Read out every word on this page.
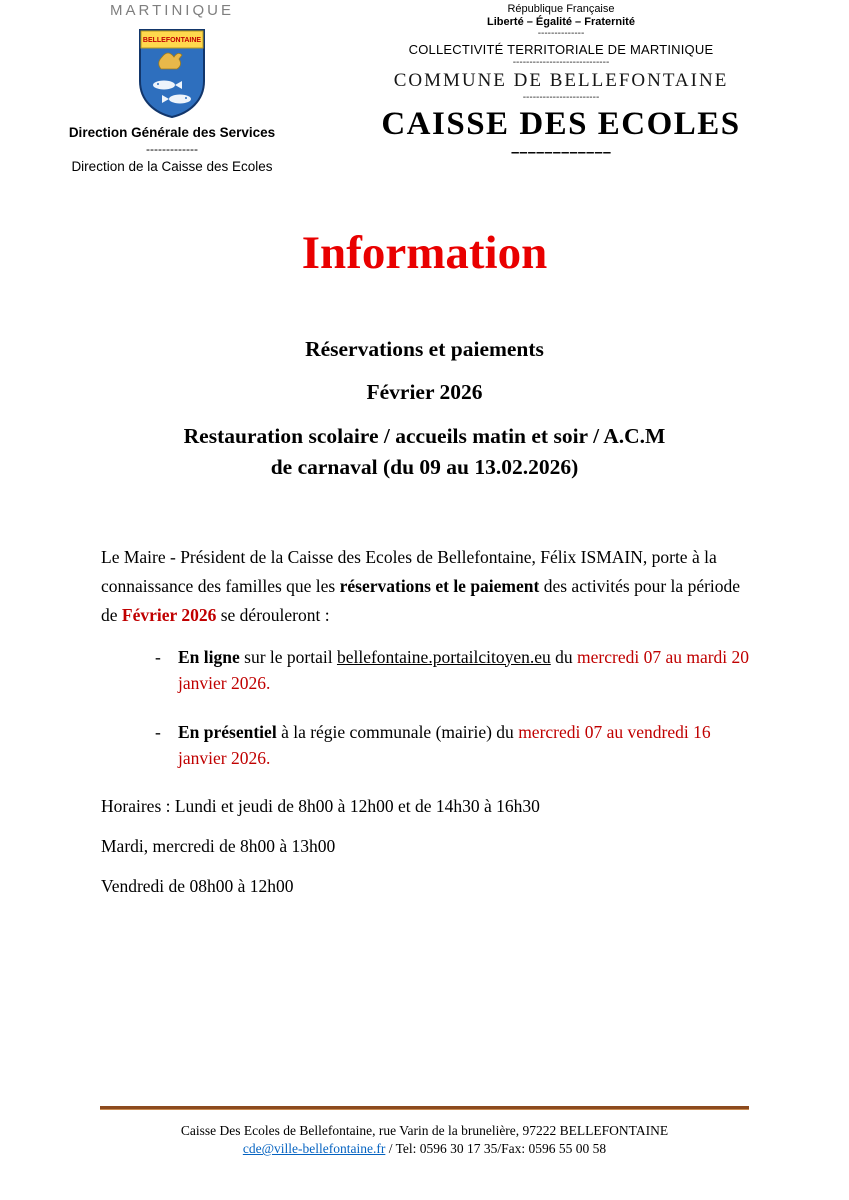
MARTINIQUE
BELLEFONTAINE
Direction Générale des Services
-------------
Direction de la Caisse des Ecoles
République Française
Liberté – Égalité – Fraternité
--------------
COLLECTIVITÉ TERRITORIALE DE MARTINIQUE
-----------------------------
COMMUNE DE BELLEFONTAINE
-----------------------
CAISSE DES ECOLES
––––––––––––
Information
Réservations et paiements
Février 2026
Restauration scolaire / accueils matin et soir / A.C.M
de carnaval (du 09 au 13.02.2026)

Le Maire - Président de la Caisse des Ecoles de Bellefontaine, Félix ISMAIN, porte à la connaissance des familles que les réservations et le paiement des activités pour la période de Février 2026 se dérouleront :

- En ligne sur le portail bellefontaine.portailcitoyen.eu du mercredi 07 au mardi 20 janvier 2026.
- En présentiel à la régie communale (mairie) du mercredi 07 au vendredi 16 janvier 2026.

Horaires : Lundi et jeudi de 8h00 à 12h00 et de 14h30 à 16h30

Mardi, mercredi de 8h00 à 13h00

Vendredi de 08h00 à 12h00

Caisse Des Ecoles de Bellefontaine, rue Varin de la brunelière, 97222 BELLEFONTAINE
cde@ville-bellefontaine.fr / Tel: 0596 30 17 35/Fax: 0596 55 00 58
